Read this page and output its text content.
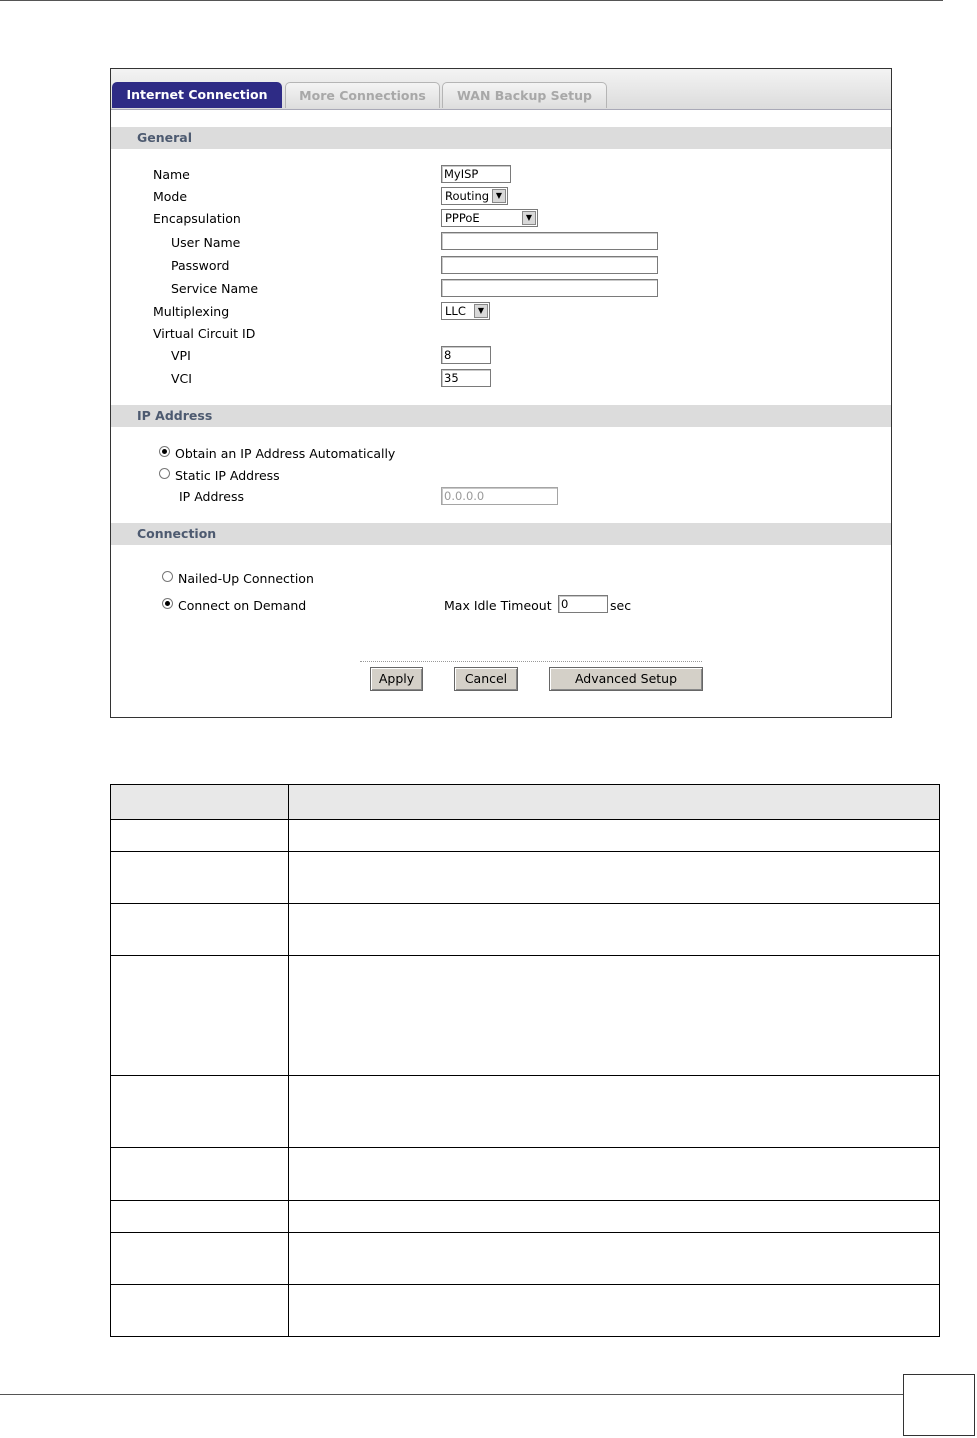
Internet Connection	More Connections	WAN Backup Setup
General
Name	MyISP
Mode	Routing ▼
Encapsulation	PPPoE	▼
User Name
Password
Service Name
Multiplexing	LLC	▼
Virtual Circuit ID
VPI	8
VCI	35
IP Address
Obtain an IP Address Automatically
Static IP Address
IP Address	0.0.0.0
Connection
Nailed-Up Connection
Connect on Demand	Max Idle Timeout 0	sec
Apply	Cancel	Advanced Setup
